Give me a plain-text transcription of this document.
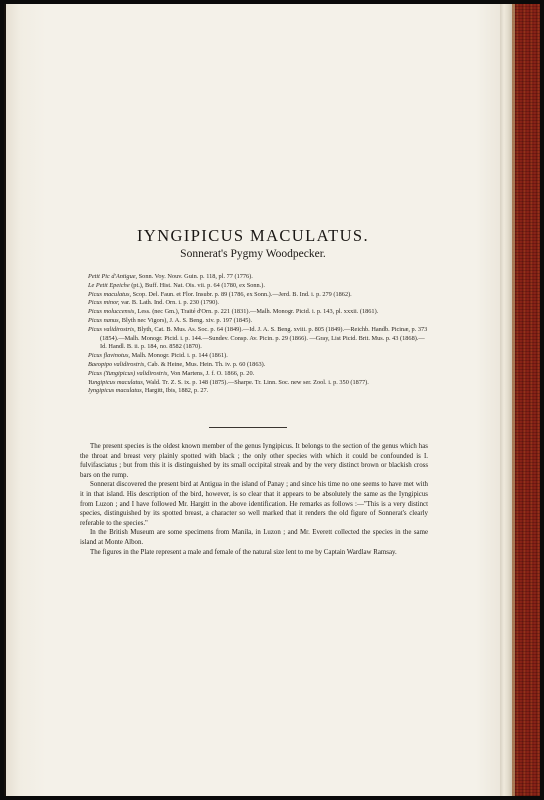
IYNGIPICUS MACULATUS.
Sonnerat's Pygmy Woodpecker.
Petit Pic d'Antigue, Sonn. Voy. Nouv. Guin. p. 118, pl. 77 (1776).
Le Petit Epeiche (pt.), Buff. Hist. Nat. Ois. vii. p. 64 (1780, ex Sonn.).
Picus maculatus, Scop. Del. Faun. et Flor. Insubr. p. 89 (1786, ex Sonn.).—Jerd. B. Ind. i. p. 279 (1862).
Picus minor, var. B. Lath. Ind. Orn. i. p. 230 (1790).
Picus moluccensis, Less. (nec Gm.), Traité d'Orn. p. 221 (1831).—Malh. Monogr. Picid. i. p. 143, pl. xxxii. (1861).
Picus nanus, Blyth nec Vigors), J. A. S. Beng. xiv. p. 197 (1845).
Picus validirostris, Blyth, Cat. B. Mus. As. Soc. p. 64 (1849).—Id. J. A. S. Beng. xviii. p. 805 (1849).—Reichb. Handb. Picinæ, p. 373 (1854).—Malh. Monogr. Picid. i. p. 144.—Sundev. Consp. Av. Picin. p. 29 (1866). —Gray, List Picid. Brit. Mus. p. 43 (1868).—Id. Handl. B. ii. p. 184, no. 8582 (1870).
Picus flavinotus, Malh. Monogr. Picid. i. p. 144 (1861).
Baeopipo validirostris, Cab. & Heine, Mus. Hein. Th. iv. p. 60 (1863).
Picus (Yungipicus) validirostris, Von Martens, J. f. O. 1866, p. 20.
Yungipicus maculatus, Wald. Tr. Z. S. ix. p. 148 (1875).—Sharpe. Tr. Linn. Soc. new ser. Zool. i. p. 350 (1877).
Iyngipicus maculatus, Hargitt, Ibis, 1882, p. 27.

The present species is the oldest known member of the genus Iyngipicus. It belongs to the section of the genus which has the throat and breast very plainly spotted with black ; the only other species with which it could be confounded is I. fulvifasciatus ; but from this it is distinguished by its small occipital streak and by the very distinct brown or blackish cross bars on the rump.

Sonnerat discovered the present bird at Antigua in the island of Panay ; and since his time no one seems to have met with it in that island. His description of the bird, however, is so clear that it appears to be absolutely the same as the Iyngipicus from Luzon ; and I have followed Mr. Hargitt in the above identification. He remarks as follows :—"This is a very distinct species, distinguished by its spotted breast, a character so well marked that it renders the old figure of Sonnerat's clearly referable to the species."

In the British Museum are some specimens from Manila, in Luzon ; and Mr. Everett collected the species in the same island at Monte Albon.

The figures in the Plate represent a male and female of the natural size lent to me by Captain Wardlaw Ramsay.
